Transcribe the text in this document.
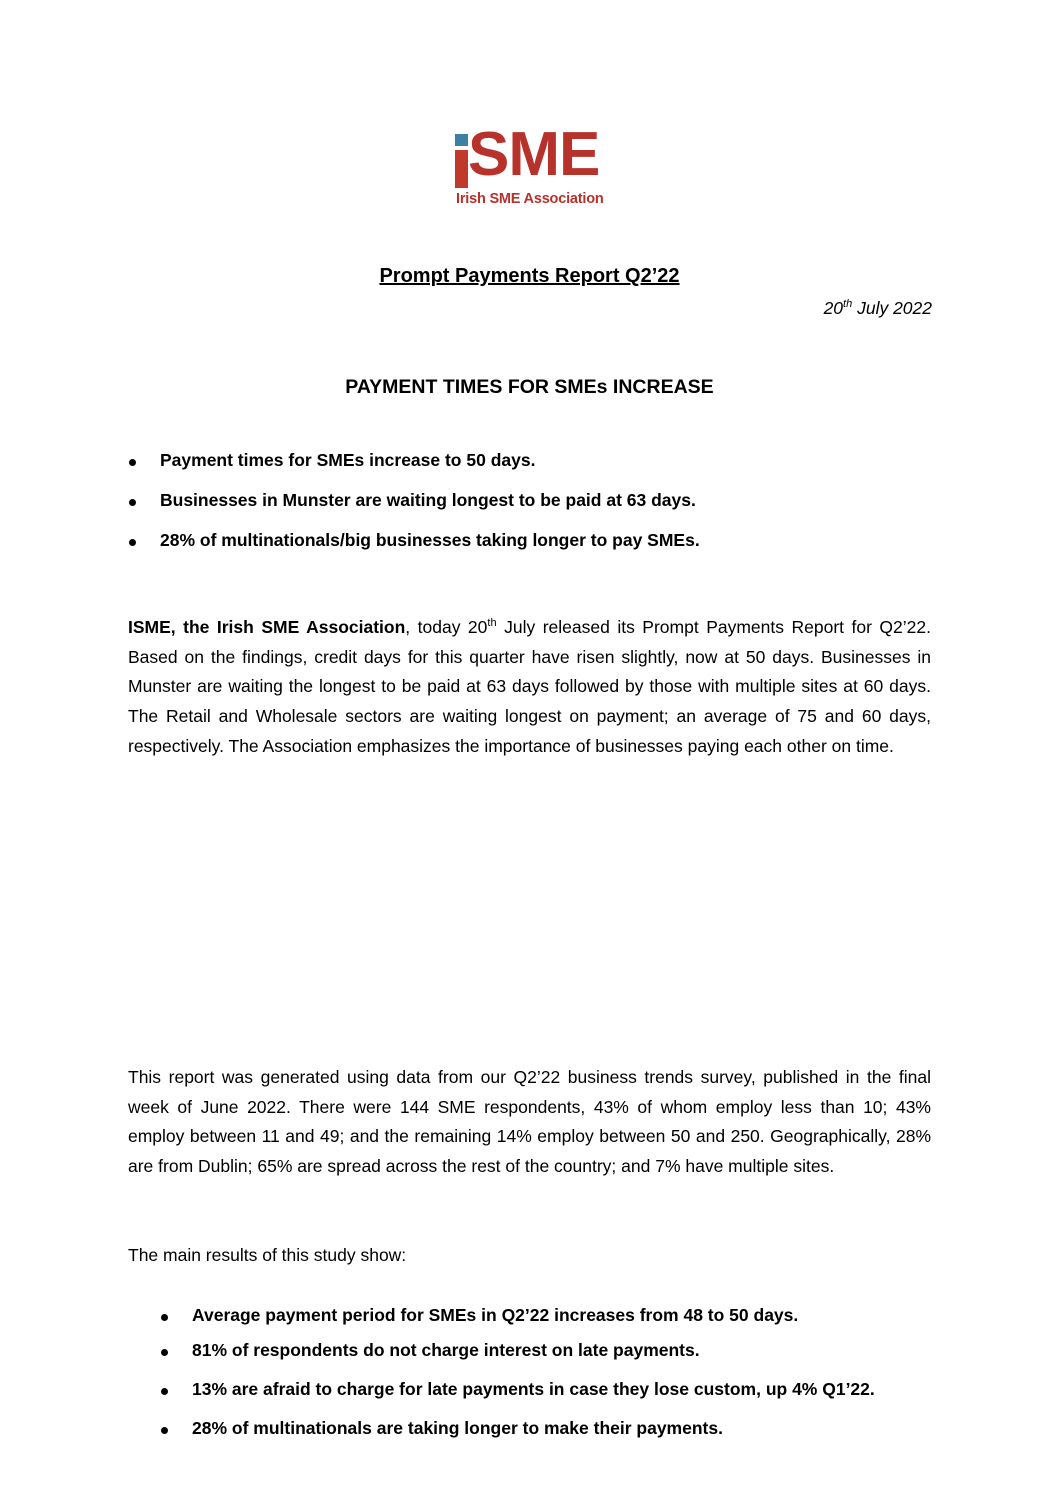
SME
Irish SME Association
Prompt Payments Report Q2’22
20th July 2022
PAYMENT TIMES FOR SMEs INCREASE
Payment times for SMEs increase to 50 days.
Businesses in Munster are waiting longest to be paid at 63 days.
28% of multinationals/big businesses taking longer to pay SMEs.
ISME, the Irish SME Association, today 20th July released its Prompt Payments Report for Q2’22. Based on the findings, credit days for this quarter have risen slightly, now at 50 days. Businesses in Munster are waiting the longest to be paid at 63 days followed by those with multiple sites at 60 days. The Retail and Wholesale sectors are waiting longest on payment; an average of 75 and 60 days, respectively. The Association emphasizes the importance of businesses paying each other on time.
This report was generated using data from our Q2’22 business trends survey, published in the final week of June 2022. There were 144 SME respondents, 43% of whom employ less than 10; 43% employ between 11 and 49; and the remaining 14% employ between 50 and 250. Geographically, 28% are from Dublin; 65% are spread across the rest of the country; and 7% have multiple sites.
The main results of this study show:
Average payment period for SMEs in Q2’22 increases from 48 to 50 days.
81% of respondents do not charge interest on late payments.
13% are afraid to charge for late payments in case they lose custom, up 4% Q1’22.
28% of multinationals are taking longer to make their payments.
